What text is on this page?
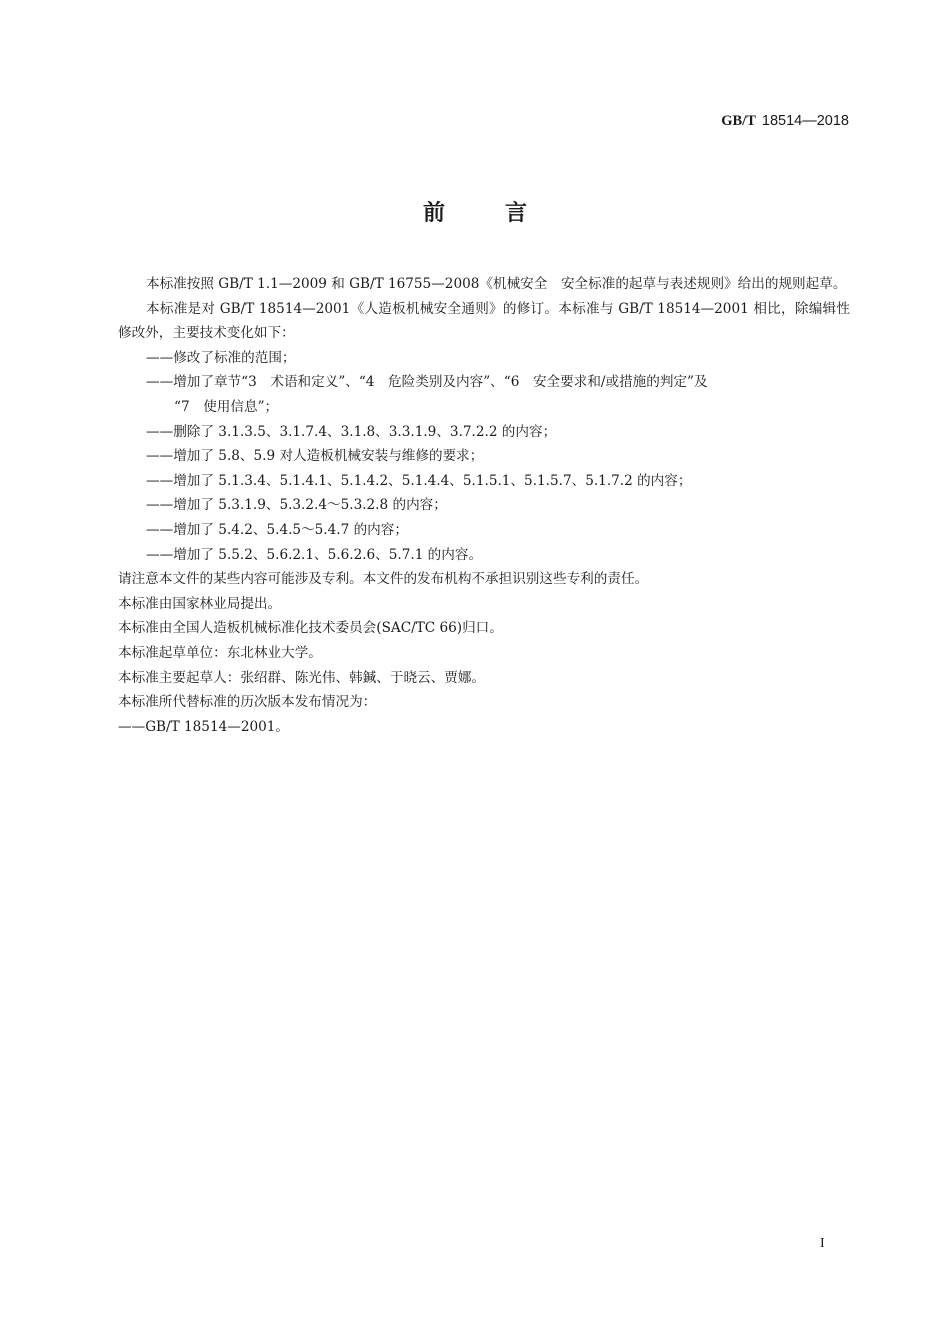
GB/T 18514—2018
前言

本标准按照 GB/T 1.1—2009 和 GB/T 16755—2008《机械安全　安全标准的起草与表述规则》给出的规则起草。

本标准是对 GB/T 18514—2001《人造板机械安全通则》的修订。本标准与 GB/T 18514—2001 相比，除编辑性修改外，主要技术变化如下：

——修改了标准的范围；

——增加了章节“3　术语和定义”、“4　危险类别及内容”、“6　安全要求和/或措施的判定”及

“7　使用信息”；

——删除了 3.1.3.5、3.1.7.4、3.1.8、3.3.1.9、3.7.2.2 的内容；

——增加了 5.8、5.9 对人造板机械安装与维修的要求；

——增加了 5.1.3.4、5.1.4.1、5.1.4.2、5.1.4.4、5.1.5.1、5.1.5.7、5.1.7.2 的内容；

——增加了 5.3.1.9、5.3.2.4～5.3.2.8 的内容；

——增加了 5.4.2、5.4.5～5.4.7 的内容；

——增加了 5.5.2、5.6.2.1、5.6.2.6、5.7.1 的内容。

请注意本文件的某些内容可能涉及专利。本文件的发布机构不承担识别这些专利的责任。

本标准由国家林业局提出。

本标准由全国人造板机械标准化技术委员会(SAC/TC 66)归口。

本标准起草单位：东北林业大学。

本标准主要起草人：张绍群、陈光伟、韩鍼、于晓云、贾娜。

本标准所代替标准的历次版本发布情况为：

——GB/T 18514—2001。

I
